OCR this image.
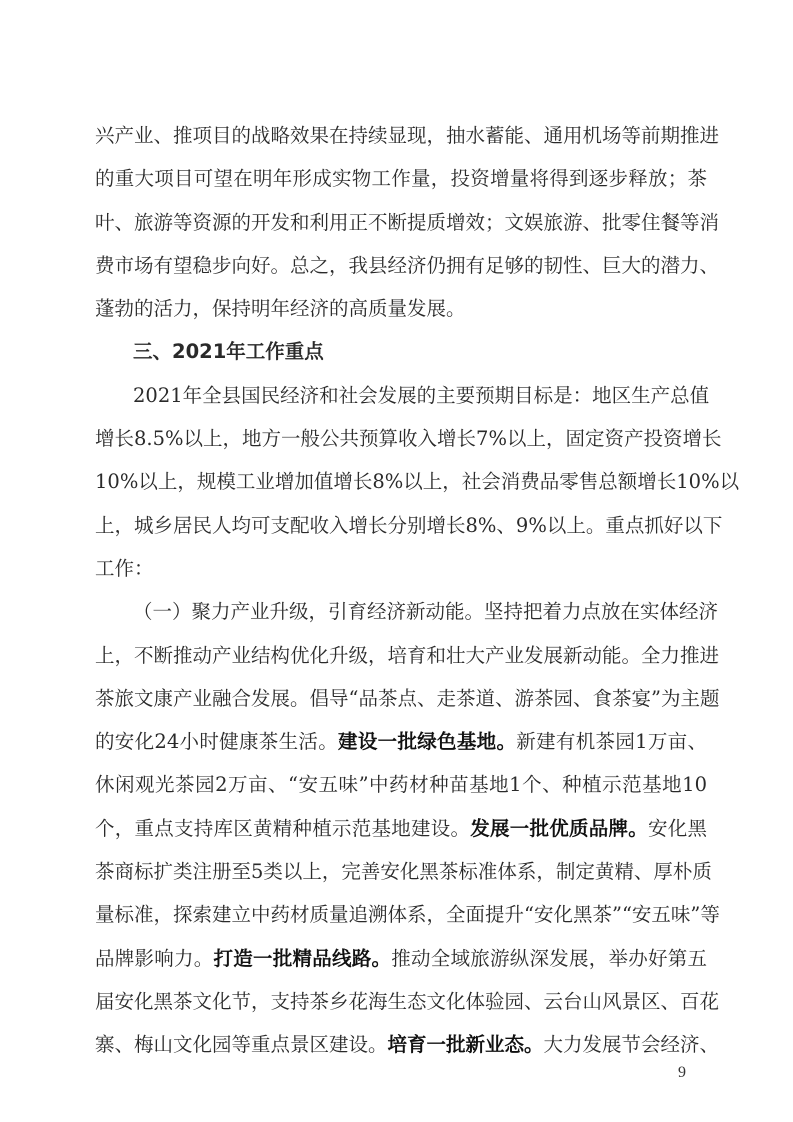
兴产业、推项目的战略效果在持续显现，抽水蓄能、通用机场等前期推进
的重大项目可望在明年形成实物工作量，投资增量将得到逐步释放；茶
叶、旅游等资源的开发和利用正不断提质增效；文娱旅游、批零住餐等消
费市场有望稳步向好。总之，我县经济仍拥有足够的韧性、巨大的潜力、
蓬勃的活力，保持明年经济的高质量发展。
三、2021年工作重点
2021年全县国民经济和社会发展的主要预期目标是：地区生产总值
增长8.5%以上，地方一般公共预算收入增长7%以上，固定资产投资增长
10%以上，规模工业增加值增长8%以上，社会消费品零售总额增长10%以
上，城乡居民人均可支配收入增长分别增长8%、9%以上。重点抓好以下
工作：
（一）聚力产业升级，引育经济新动能。坚持把着力点放在实体经济
上，不断推动产业结构优化升级，培育和壮大产业发展新动能。全力推进
茶旅文康产业融合发展。倡导“品茶点、走茶道、游茶园、食茶宴”为主题
的安化24小时健康茶生活。建设一批绿色基地。新建有机茶园1万亩、
休闲观光茶园2万亩、“安五味”中药材种苗基地1个、种植示范基地10
个，重点支持库区黄精种植示范基地建设。发展一批优质品牌。安化黑
茶商标扩类注册至5类以上，完善安化黑茶标准体系，制定黄精、厚朴质
量标准，探索建立中药材质量追溯体系，全面提升“安化黑茶”“安五味”等
品牌影响力。打造一批精品线路。推动全域旅游纵深发展，举办好第五
届安化黑茶文化节，支持茶乡花海生态文化体验园、云台山风景区、百花
寨、梅山文化园等重点景区建设。培育一批新业态。大力发展节会经济、
9
